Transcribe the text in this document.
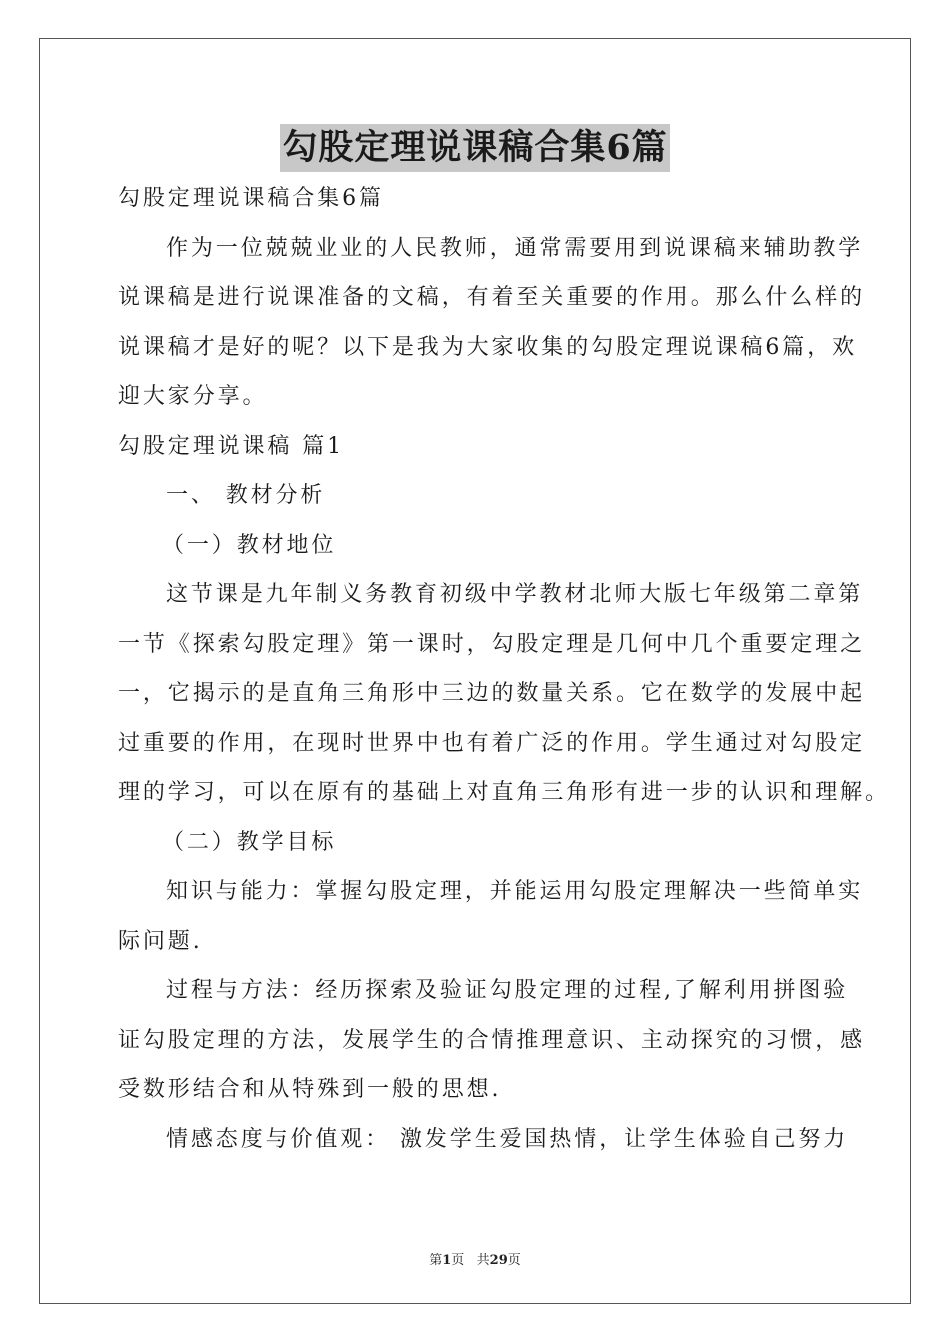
勾股定理说课稿合集6篇
勾股定理说课稿合集6篇
作为一位兢兢业业的人民教师，通常需要用到说课稿来辅助教学
说课稿是进行说课准备的文稿，有着至关重要的作用。那么什么样的
说课稿才是好的呢？以下是我为大家收集的勾股定理说课稿6篇，欢
迎大家分享。
勾股定理说课稿 篇1
一、 教材分析
（一）教材地位
这节课是九年制义务教育初级中学教材北师大版七年级第二章第
一节《探索勾股定理》第一课时，勾股定理是几何中几个重要定理之
一，它揭示的是直角三角形中三边的数量关系。它在数学的发展中起
过重要的作用，在现时世界中也有着广泛的作用。学生通过对勾股定
理的学习，可以在原有的基础上对直角三角形有进一步的认识和理解。
（二）教学目标
知识与能力：掌握勾股定理，并能运用勾股定理解决一些简单实
际问题.
过程与方法：经历探索及验证勾股定理的过程,了解利用拼图验
证勾股定理的方法，发展学生的合情推理意识、主动探究的习惯，感
受数形结合和从特殊到一般的思想.
情感态度与价值观： 激发学生爱国热情，让学生体验自己努力
第1页   共29页
